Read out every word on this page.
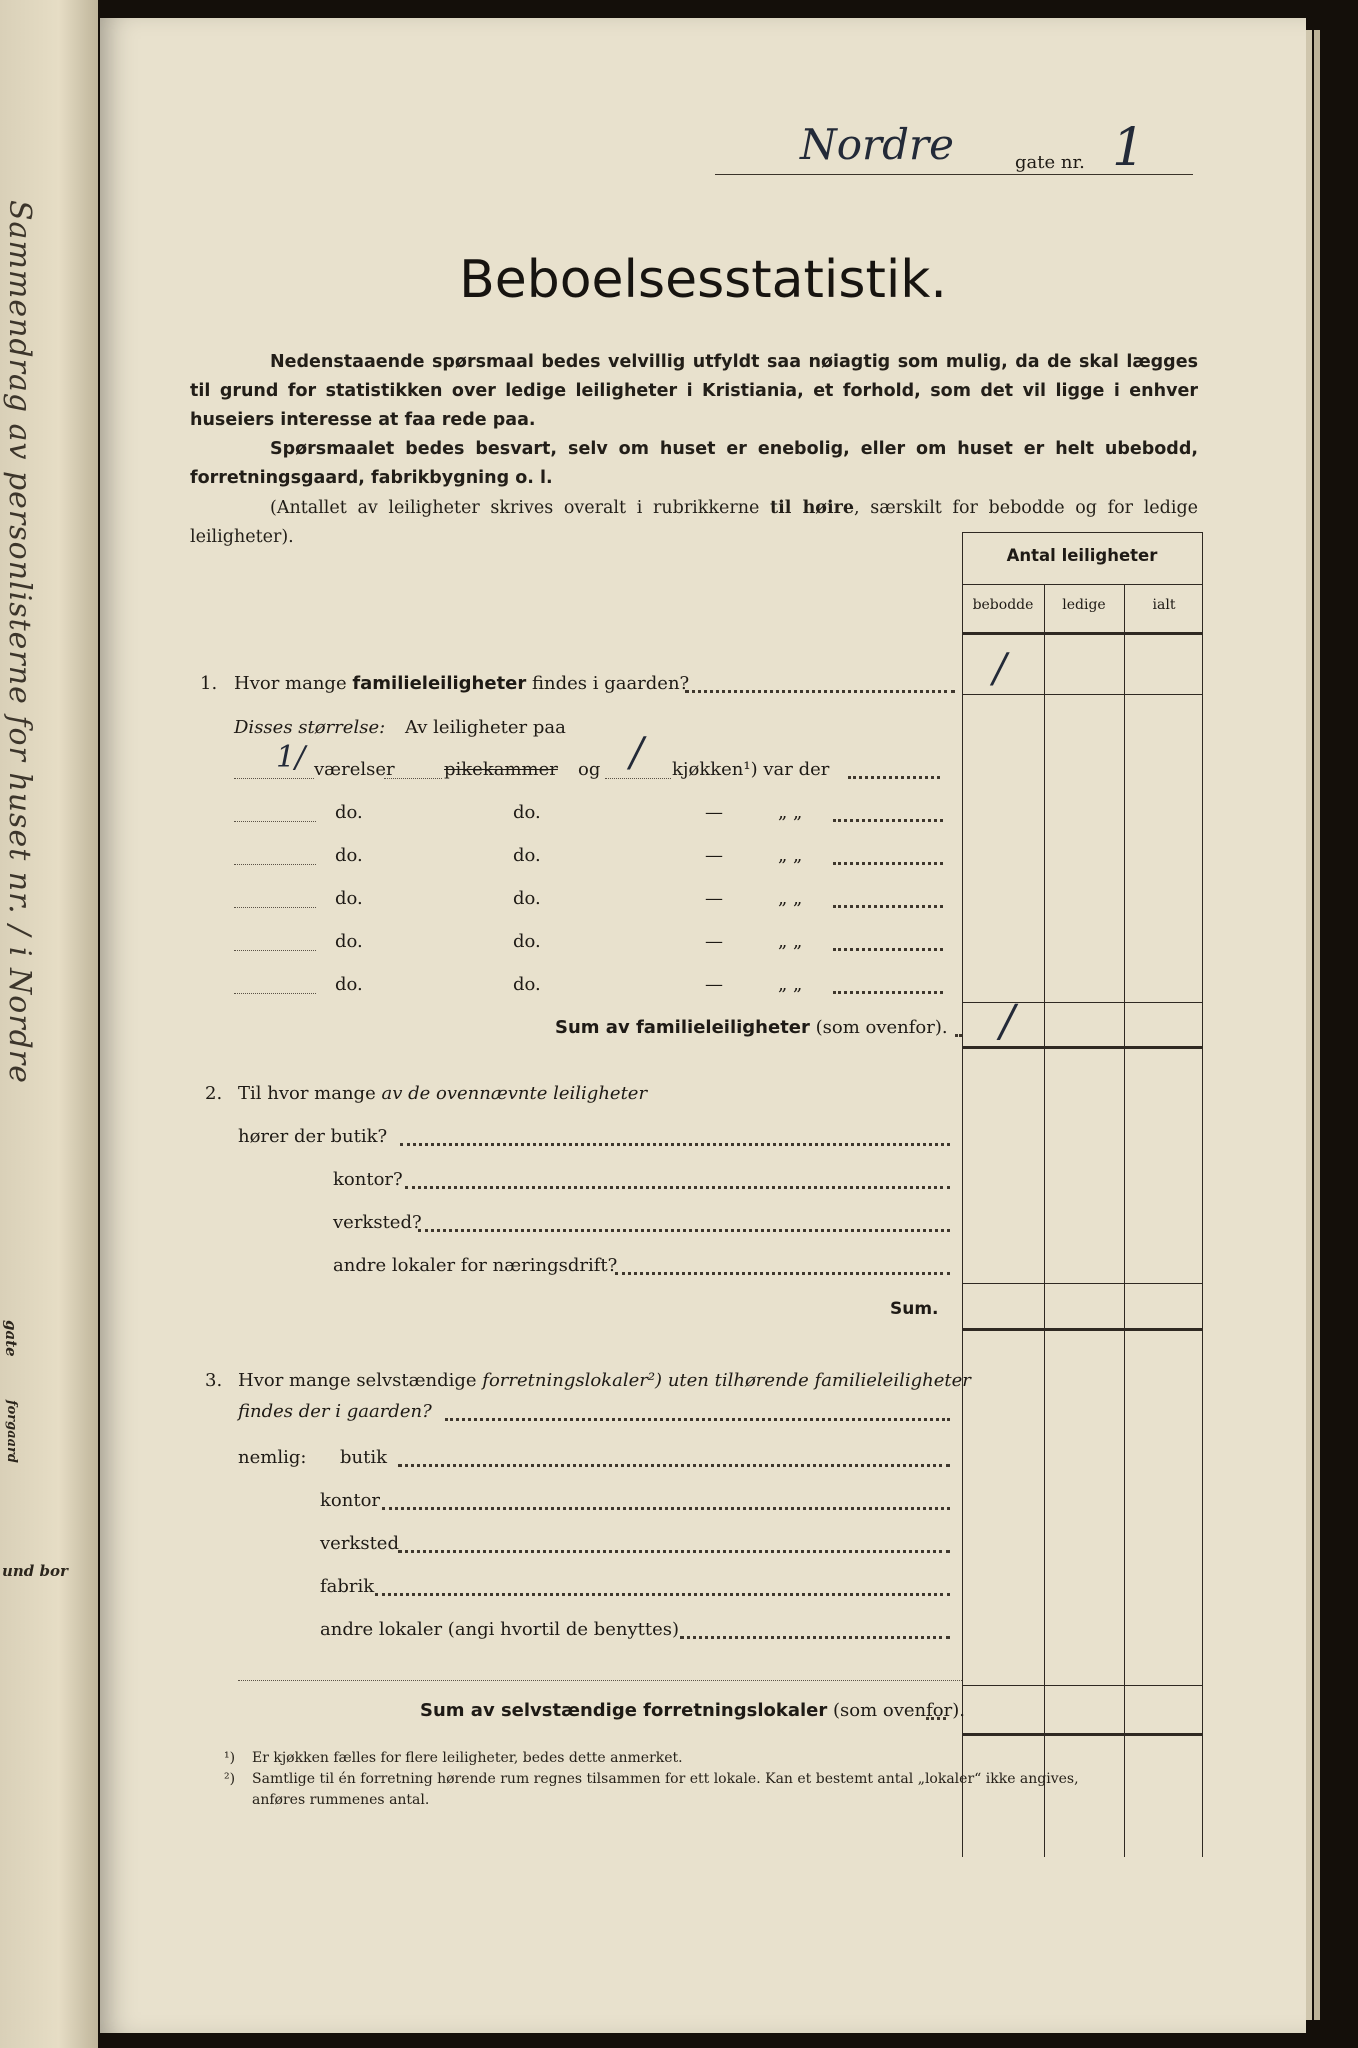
Sammendrag av personlisterne for huset nr. / i Nordre
gate
forgaard
und bor
Nordre	gate nr. 1
Beboelsesstatistik.
Nedenstaaende spørsmaal bedes velvillig utfyldt saa nøiagtig som mulig, da de skal lægges til grund for statistikken over ledige leiligheter i Kristiania, et forhold, som det vil ligge i enhver huseiers interesse at faa rede paa.
Spørsmaalet bedes besvart, selv om huset er enebolig, eller om huset er helt ubebodd, forretningsgaard, fabrikbygning o. l.
(Antallet av leiligheter skrives overalt i rubrikkerne til høire, særskilt for bebodde og for ledige leiligheter).
Antal leiligheter
bebodde	ledige	ialt
1. Hvor mange familieleiligheter findes i gaarden?	/
Disses størrelse: Av leiligheter paa
1/ værelser	pikekammer og / kjøkken¹) var der
do.	do.	—	„ „
do.	do.	—	„ „
do.	do.	—	„ „
do.	do.	—	„ „
do.	do.	—	„ „
Sum av familieleiligheter (som ovenfor). /
2. Til hvor mange av de ovennævnte leiligheter
hører der butik?
kontor?
verksted?
andre lokaler for næringsdrift?
Sum.
3. Hvor mange selvstændige forretningslokaler²) uten tilhørende familieleiligheter
findes der i gaarden?
nemlig: butik
kontor
verksted
fabrik
andre lokaler (angi hvortil de benyttes)
Sum av selvstændige forretningslokaler (som ovenfor).
¹) Er kjøkken fælles for flere leiligheter, bedes dette anmerket.
²) Samtlige til én forretning hørende rum regnes tilsammen for ett lokale. Kan et bestemt antal „lokaler“ ikke angives,
anføres rummenes antal.
